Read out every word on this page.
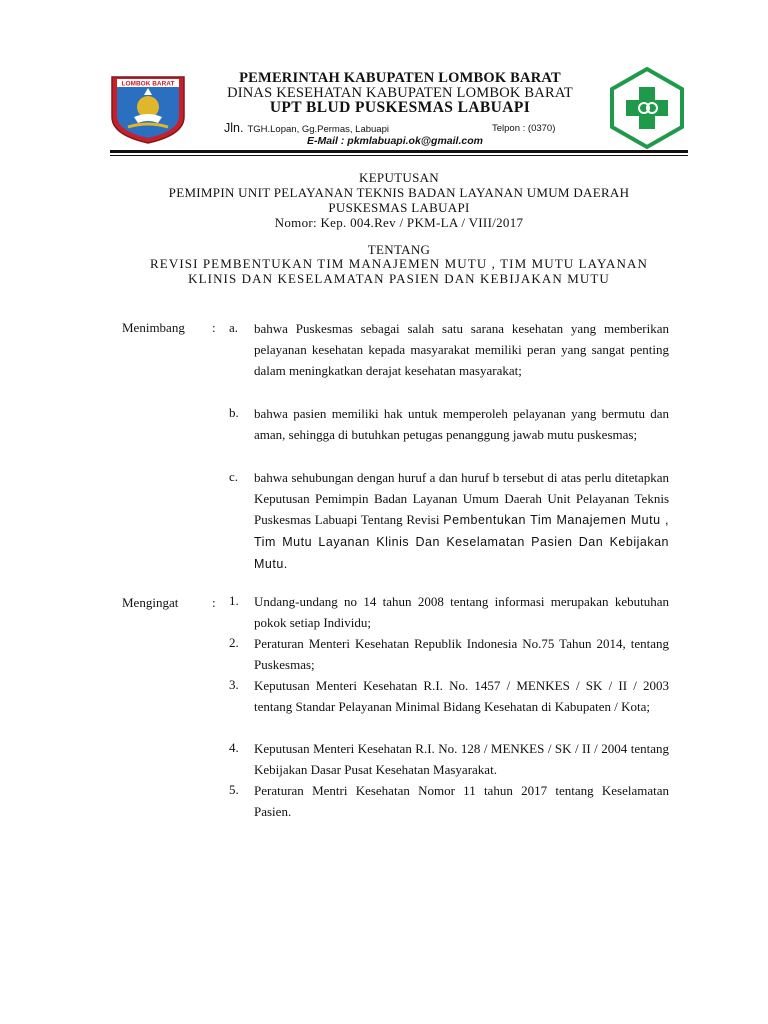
LOMBOK BARAT	PEMERINTAH KABUPATEN LOMBOK BARAT
DINAS KESEHATAN KABUPATEN LOMBOK BARAT
UPT BLUD PUSKESMAS LABUAPI
Jln. TGH.Lopan, Gg.Permas, Labuapi	Telpon : (0370)
E-Mail : pkmlabuapi.ok@gmail.com
KEPUTUSAN
PEMIMPIN UNIT PELAYANAN TEKNIS BADAN LAYANAN UMUM DAERAH
PUSKESMAS LABUAPI
Nomor: Kep. 004.Rev / PKM-LA / VIII/2017
TENTANG
REVISI PEMBENTUKAN TIM MANAJEMEN MUTU , TIM MUTU LAYANAN
KLINIS DAN KESELAMATAN PASIEN DAN KEBIJAKAN MUTU
Menimbang : a. bahwa Puskesmas sebagai salah satu sarana kesehatan yang memberikan pelayanan kesehatan kepada masyarakat memiliki peran yang sangat penting dalam meningkatkan derajat kesehatan masyarakat;
b. bahwa pasien memiliki hak untuk memperoleh pelayanan yang bermutu dan aman, sehingga di butuhkan petugas penanggung jawab mutu puskesmas;
c. bahwa sehubungan dengan huruf a dan huruf b tersebut di atas perlu ditetapkan Keputusan Pemimpin Badan Layanan Umum Daerah Unit Pelayanan Teknis Puskesmas Labuapi Tentang Revisi Pembentukan Tim Manajemen Mutu , Tim Mutu Layanan Klinis Dan Keselamatan Pasien Dan Kebijakan Mutu.
Mengingat	: 1. Undang-undang no 14 tahun 2008 tentang informasi merupakan kebutuhan pokok setiap Individu;
2. Peraturan Menteri Kesehatan Republik Indonesia No.75 Tahun 2014, tentang Puskesmas;
3. Keputusan Menteri Kesehatan R.I. No. 1457 / MENKES / SK / II / 2003 tentang Standar Pelayanan Minimal Bidang Kesehatan di Kabupaten / Kota;
4. Keputusan Menteri Kesehatan R.I. No. 128 / MENKES / SK / II / 2004 tentang Kebijakan Dasar Pusat Kesehatan Masyarakat.
5. Peraturan Mentri Kesehatan Nomor 11 tahun 2017 tentang Keselamatan Pasien.
